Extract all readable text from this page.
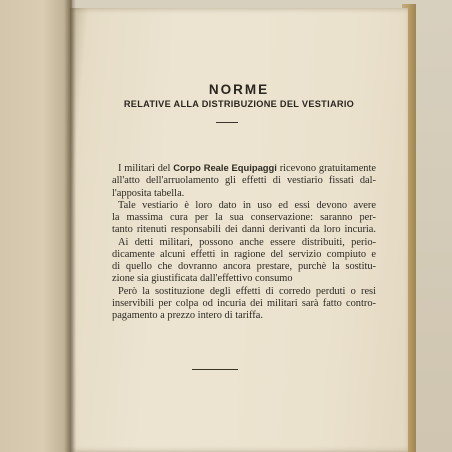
NORME
RELATIVE ALLA DISTRIBUZIONE DEL VESTIARIO
I militari del Corpo Reale Equipaggi ricevono gratuitamente
all'atto dell'arruolamento gli effetti di vestiario fissati dal-
l'apposita tabella.
Tale vestiario è loro dato in uso ed essi devono avere
la massima cura per la sua conservazione: saranno per-
tanto ritenuti responsabili dei danni derivanti da loro incuria.
Ai detti militari, possono anche essere distribuiti, perio-
dicamente alcuni effetti in ragione del servizio compiuto e
di quello che dovranno ancora prestare, purchè la sostitu-
zione sia giustificata dall'effettivo consumo
Però la sostituzione degli effetti di corredo perduti o resi
inservibili per colpa od incuria dei militari sarà fatto contro-
pagamento a prezzo intero di tariffa.
